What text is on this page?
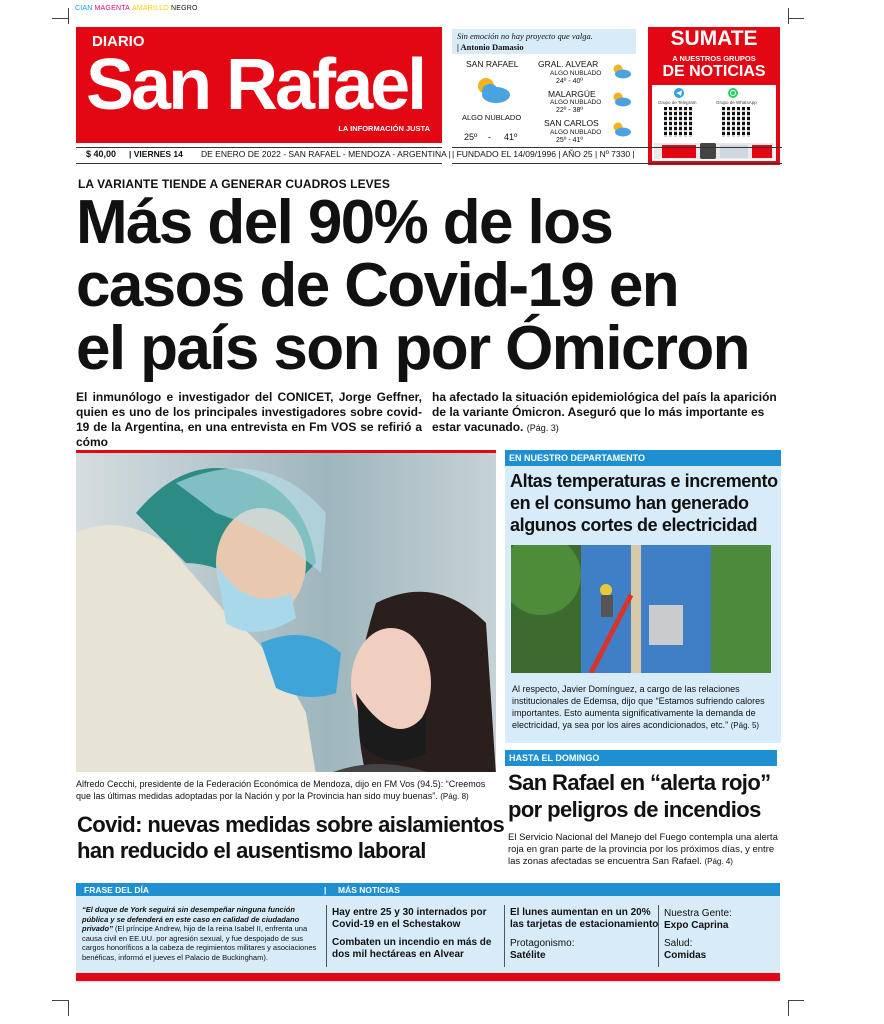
CIAN MAGENTA AMARILLO NEGRO
DIARIO
San Rafael
LA INFORMACIÓN JUSTA
Sin emoción no hay proyecto que valga.
| Antonio Damasio
SAN RAFAEL
ALGO NUBLADO
25º - 41º
GRAL. ALVEAR
ALGO NUBLADO
24º - 40º
MALARGÜE
ALGO NUBLADO
22º - 38º
SAN CARLOS
ALGO NUBLADO
25º - 41º
SUMATE
A NUESTROS GRUPOS
DE NOTICIAS
Grupo de Telegram	Grupo de WhatsApp
$ 40,00 | VIERNES 14 DE ENERO DE 2022 - SAN RAFAEL - MENDOZA - ARGENTINA | | FUNDADO EL 14/09/1996 | AÑO 25 | Nº 7330 |
LA VARIANTE TIENDE A GENERAR CUADROS LEVES
Más del 90% de los
casos de Covid-19 en
el país son por Ómicron
El inmunólogo e investigador del CONICET, Jorge Geffner, quien es uno de los principales investigadores sobre covid-19 de la Argentina, en una entrevista en Fm VOS se refirió a cómo
ha afectado la situación epidemiológica del país la aparición de la variante Ómicron. Aseguró que lo más importante es estar vacunado. (Pág. 3)
Alfredo Cecchi, presidente de la Federación Económica de Mendoza, dijo en FM Vos (94.5): “Creemos que las últimas medidas adoptadas por la Nación y por la Provincia han sido muy buenas”. (Pág. 8)
Covid: nuevas medidas sobre aislamientos han reducido el ausentismo laboral
EN NUESTRO DEPARTAMENTO
Altas temperaturas e incremento en el consumo han generado algunos cortes de electricidad
Al respecto, Javier Domínguez, a cargo de las relaciones institucionales de Edemsa, dijo que “Estamos sufriendo calores importantes. Esto aumenta significativamente la demanda de electricidad, ya sea por los aires acondicionados, etc.” (Pág. 5)
HASTA EL DOMINGO
San Rafael en “alerta rojo” por peligros de incendios
El Servicio Nacional del Manejo del Fuego contempla una alerta roja en gran parte de la provincia por los próximos días, y entre las zonas afectadas se encuentra San Rafael. (Pág. 4)
FRASE DEL DÍA	| MÁS NOTICIAS
“El duque de York seguirá sin desempeñar ninguna función pública y se defenderá en este caso en calidad de ciudadano privado” (El príncipe Andrew, hijo de la reina Isabel II, enfrenta una causa civil en EE.UU. por agresión sexual, y fue despojado de sus cargos honoríficos a la cabeza de regimientos militares y asociaciones benéficas, informó el jueves el Palacio de Buckingham).
Hay entre 25 y 30 internados por Covid-19 en el Schestakow
Combaten un incendio en más de dos mil hectáreas en Alvear
El lunes aumentan en un 20% las tarjetas de estacionamiento
Protagonismo:
Satélite
Nuestra Gente:
Expo Caprina
Salud:
Comidas
